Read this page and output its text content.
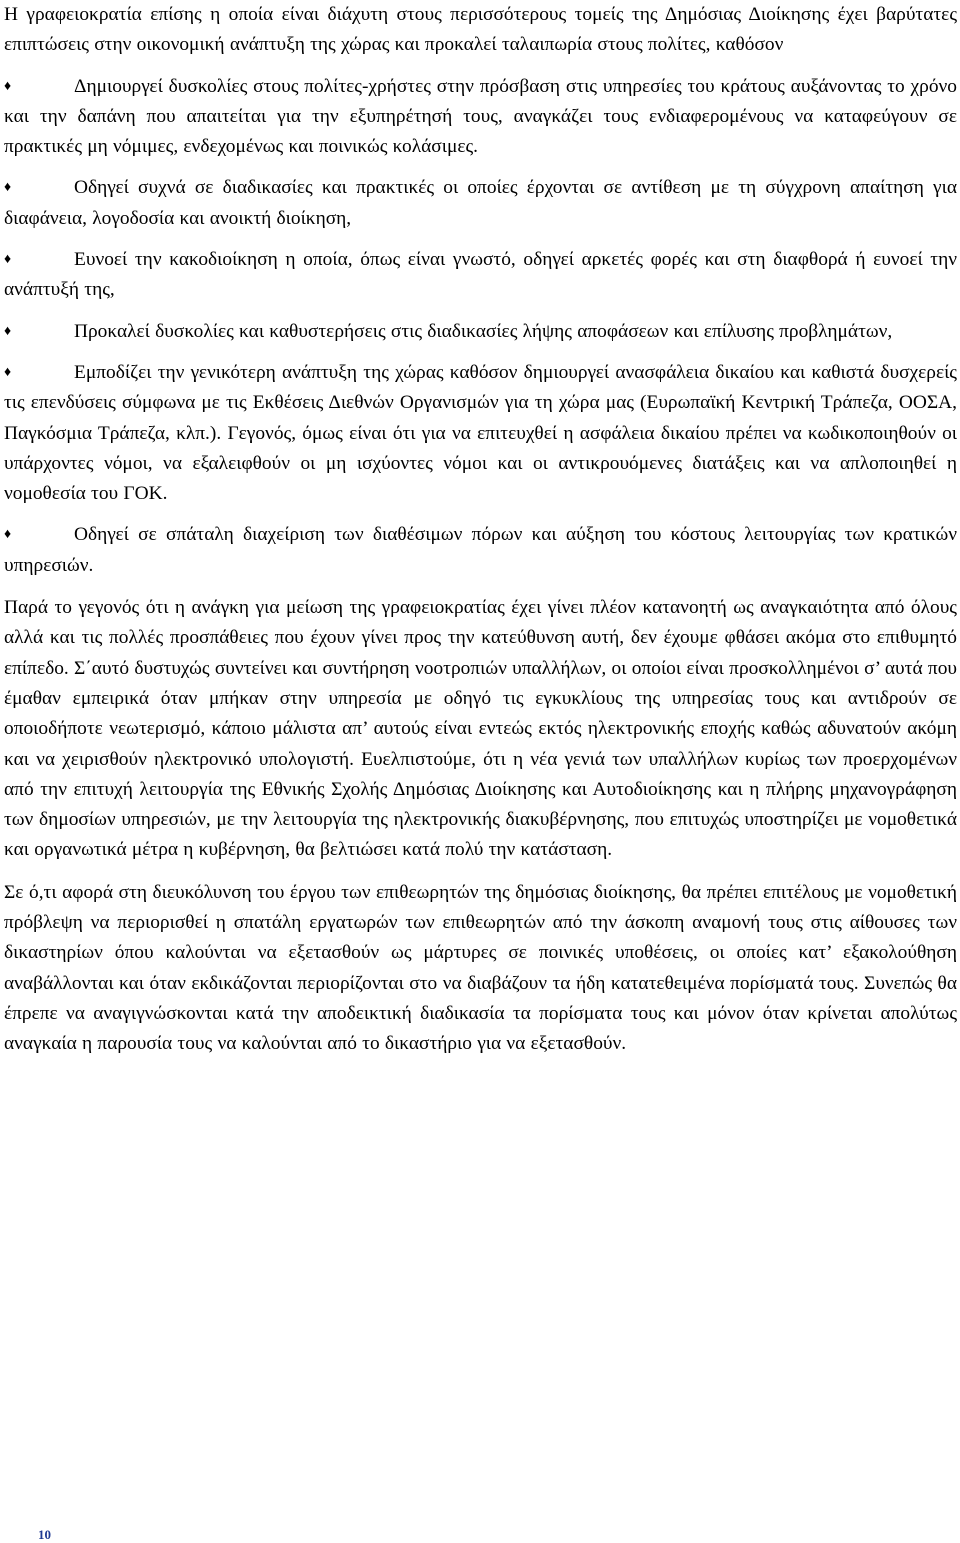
Η γραφειοκρατία επίσης η οποία είναι διάχυτη στους περισσότερους τομείς της Δημόσιας Διοίκησης έχει βαρύτατες επιπτώσεις στην οικονομική ανάπτυξη της χώρας και προκαλεί ταλαιπωρία στους πολίτες, καθόσον

♦	Δημιουργεί δυσκολίες στους πολίτες-χρήστες στην πρόσβαση στις υπηρεσίες του κράτους αυξάνοντας το χρόνο και την δαπάνη που απαιτείται για την εξυπηρέτησή τους, αναγκάζει τους ενδιαφερομένους να καταφεύγουν σε πρακτικές μη νόμιμες, ενδεχομένως και ποινικώς κολάσιμες.

♦	Οδηγεί συχνά σε διαδικασίες και πρακτικές οι οποίες έρχονται σε αντίθεση με τη σύγχρονη απαίτηση για διαφάνεια, λογοδοσία και ανοικτή διοίκηση,

♦	Ευνοεί την κακοδιοίκηση η οποία, όπως είναι γνωστό, οδηγεί αρκετές φορές και στη διαφθορά ή ευνοεί την ανάπτυξή της,

♦	Προκαλεί δυσκολίες και καθυστερήσεις στις διαδικασίες λήψης αποφάσεων και επίλυσης προβλημάτων,

♦	Εμποδίζει την γενικότερη ανάπτυξη της χώρας καθόσον δημιουργεί ανασφάλεια δικαίου και καθιστά δυσχερείς τις επενδύσεις σύμφωνα με τις Εκθέσεις Διεθνών Οργανισμών για τη χώρα μας (Ευρωπαϊκή Κεντρική Τράπεζα, ΟΟΣΑ, Παγκόσμια Τράπεζα, κλπ.). Γεγονός, όμως είναι ότι για να επιτευχθεί η ασφάλεια δικαίου πρέπει να κωδικοποιηθούν οι υπάρχοντες νόμοι, να εξαλειφθούν οι μη ισχύοντες νόμοι και οι αντικρουόμενες διατάξεις και να απλοποιηθεί η νομοθεσία του ΓΟΚ.

♦	Οδηγεί σε σπάταλη διαχείριση των διαθέσιμων πόρων και αύξηση του κόστους λειτουργίας των κρατικών υπηρεσιών.

Παρά το γεγονός ότι η ανάγκη για μείωση της γραφειοκρατίας έχει γίνει πλέον κατανοητή ως αναγκαιότητα από όλους αλλά και τις πολλές προσπάθειες που έχουν γίνει προς την κατεύθυνση αυτή, δεν έχουμε φθάσει ακόμα στο επιθυμητό επίπεδο. Σ΄αυτό δυστυχώς συντείνει και συντήρηση νοοτροπιών υπαλλήλων, οι οποίοι είναι προσκολλημένοι σ’ αυτά που έμαθαν εμπειρικά όταν μπήκαν στην υπηρεσία με οδηγό τις εγκυκλίους της υπηρεσίας τους και αντιδρούν σε οποιοδήποτε νεωτερισμό, κάποιο μάλιστα απ’ αυτούς είναι εντεώς εκτός ηλεκτρονικής εποχής καθώς αδυνατούν ακόμη και να χειρισθούν ηλεκτρονικό υπολογιστή. Ευελπιστούμε, ότι η νέα γενιά των υπαλλήλων κυρίως των προερχομένων από την επιτυχή λειτουργία της Εθνικής Σχολής Δημόσιας Διοίκησης και Αυτοδιοίκησης και η πλήρης μηχανογράφηση των δημοσίων υπηρεσιών, με την λειτουργία της ηλεκτρονικής διακυβέρνησης, που επιτυχώς υποστηρίζει με νομοθετικά και οργανωτικά μέτρα η κυβέρνηση, θα βελτιώσει κατά πολύ την κατάσταση.

Σε ό,τι αφορά στη διευκόλυνση του έργου των επιθεωρητών της δημόσιας διοίκησης, θα πρέπει επιτέλους με νομοθετική πρόβλεψη να περιορισθεί η σπατάλη εργατωρών των επιθεωρητών από την άσκοπη αναμονή τους στις αίθουσες των δικαστηρίων όπου καλούνται να εξετασθούν ως μάρτυρες σε ποινικές υποθέσεις, οι οποίες κατ’ εξακολούθηση αναβάλλονται και όταν εκδικάζονται περιορίζονται στο να διαβάζουν τα ήδη κατατεθειμένα πορίσματά τους. Συνεπώς θα έπρεπε να αναγιγνώσκονται κατά την αποδεικτική διαδικασία τα πορίσματα τους και μόνον όταν κρίνεται απολύτως αναγκαία η παρουσία τους να καλούνται από το δικαστήριο για να εξετασθούν.

10
